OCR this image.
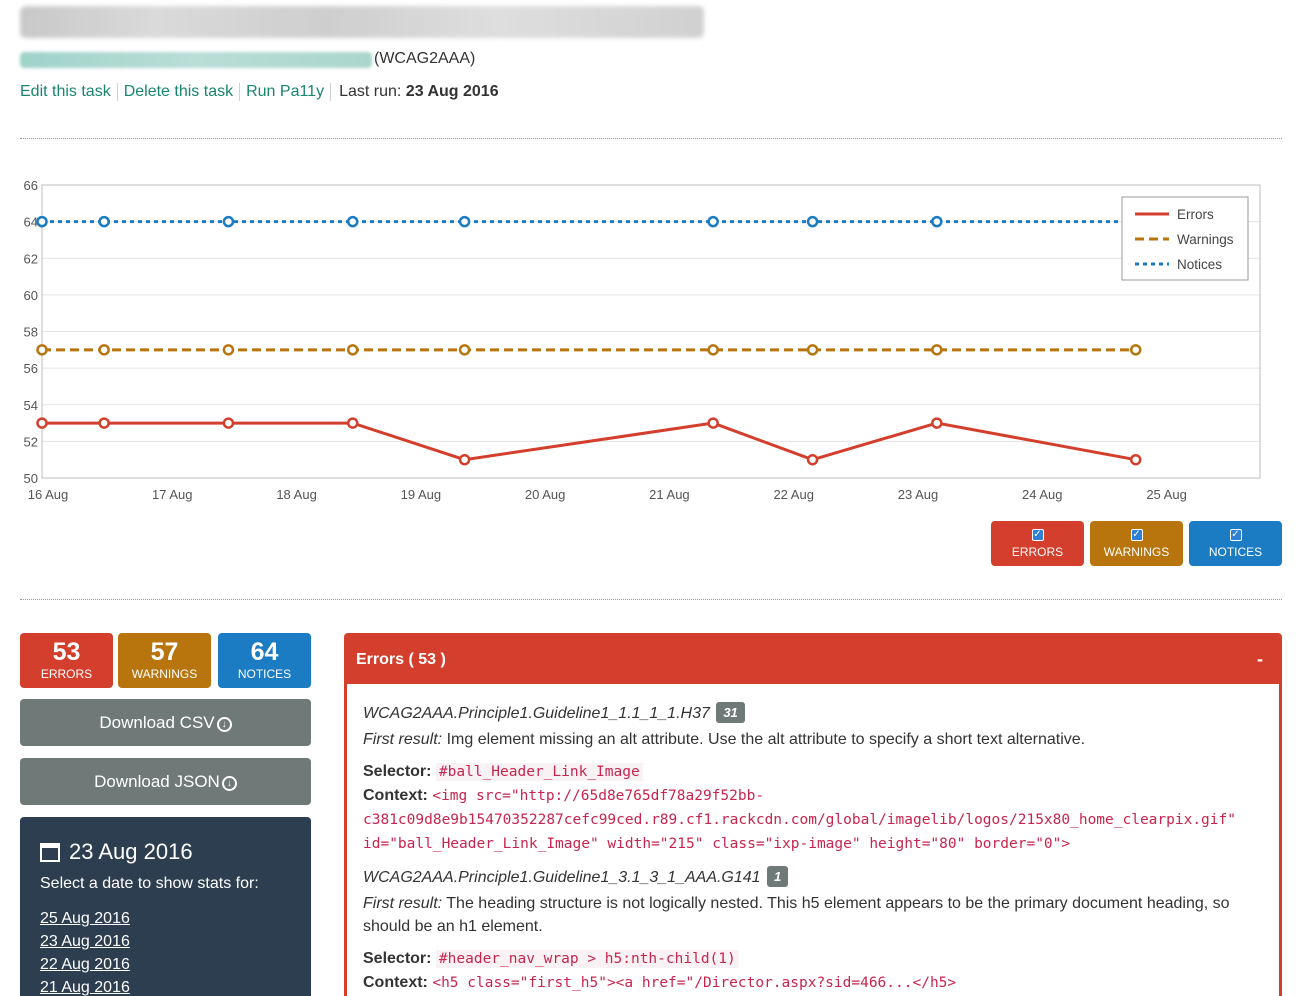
(WCAG2AAA)
Edit this task Delete this task Run Pa11y Last run: 23 Aug 2016
50
52
54
56
58
60
62
64
66
16 Aug	17 Aug	18 Aug	19 Aug	20 Aug	21 Aug	22 Aug	23 Aug	24 Aug	25 Aug
Errors
Warnings
Notices
✓
ERRORS
✓
WARNINGS
✓
NOTICES
53
ERRORS
57
WARNINGS
64
NOTICES
Download CSV ↓
Download JSON ↓
23 Aug 2016
Select a date to show stats for:
25 Aug 2016
23 Aug 2016
22 Aug 2016
21 Aug 2016
Errors ( 53 )	-
WCAG2AAA.Principle1.Guideline1_1.1_1_1.H37 31
First result: Img element missing an alt attribute. Use the alt attribute to specify a short text alternative.
Selector: #ball_Header_Link_Image
Context: <img src="http://65d8e765df78a29f52bb-
c381c09d8e9b15470352287cefc99ced.r89.cf1.rackcdn.com/global/imagelib/logos/215x80_home_clearpix.gif"
id="ball_Header_Link_Image" width="215" class="ixp-image" height="80" border="0">
WCAG2AAA.Principle1.Guideline1_3.1_3_1_AAA.G141 1
First result: The heading structure is not logically nested. This h5 element appears to be the primary document heading, so should be an h1 element.
Selector: #header_nav_wrap > h5:nth-child(1)
Context: <h5 class="first_h5"><a href="/Director.aspx?sid=466...</h5>
